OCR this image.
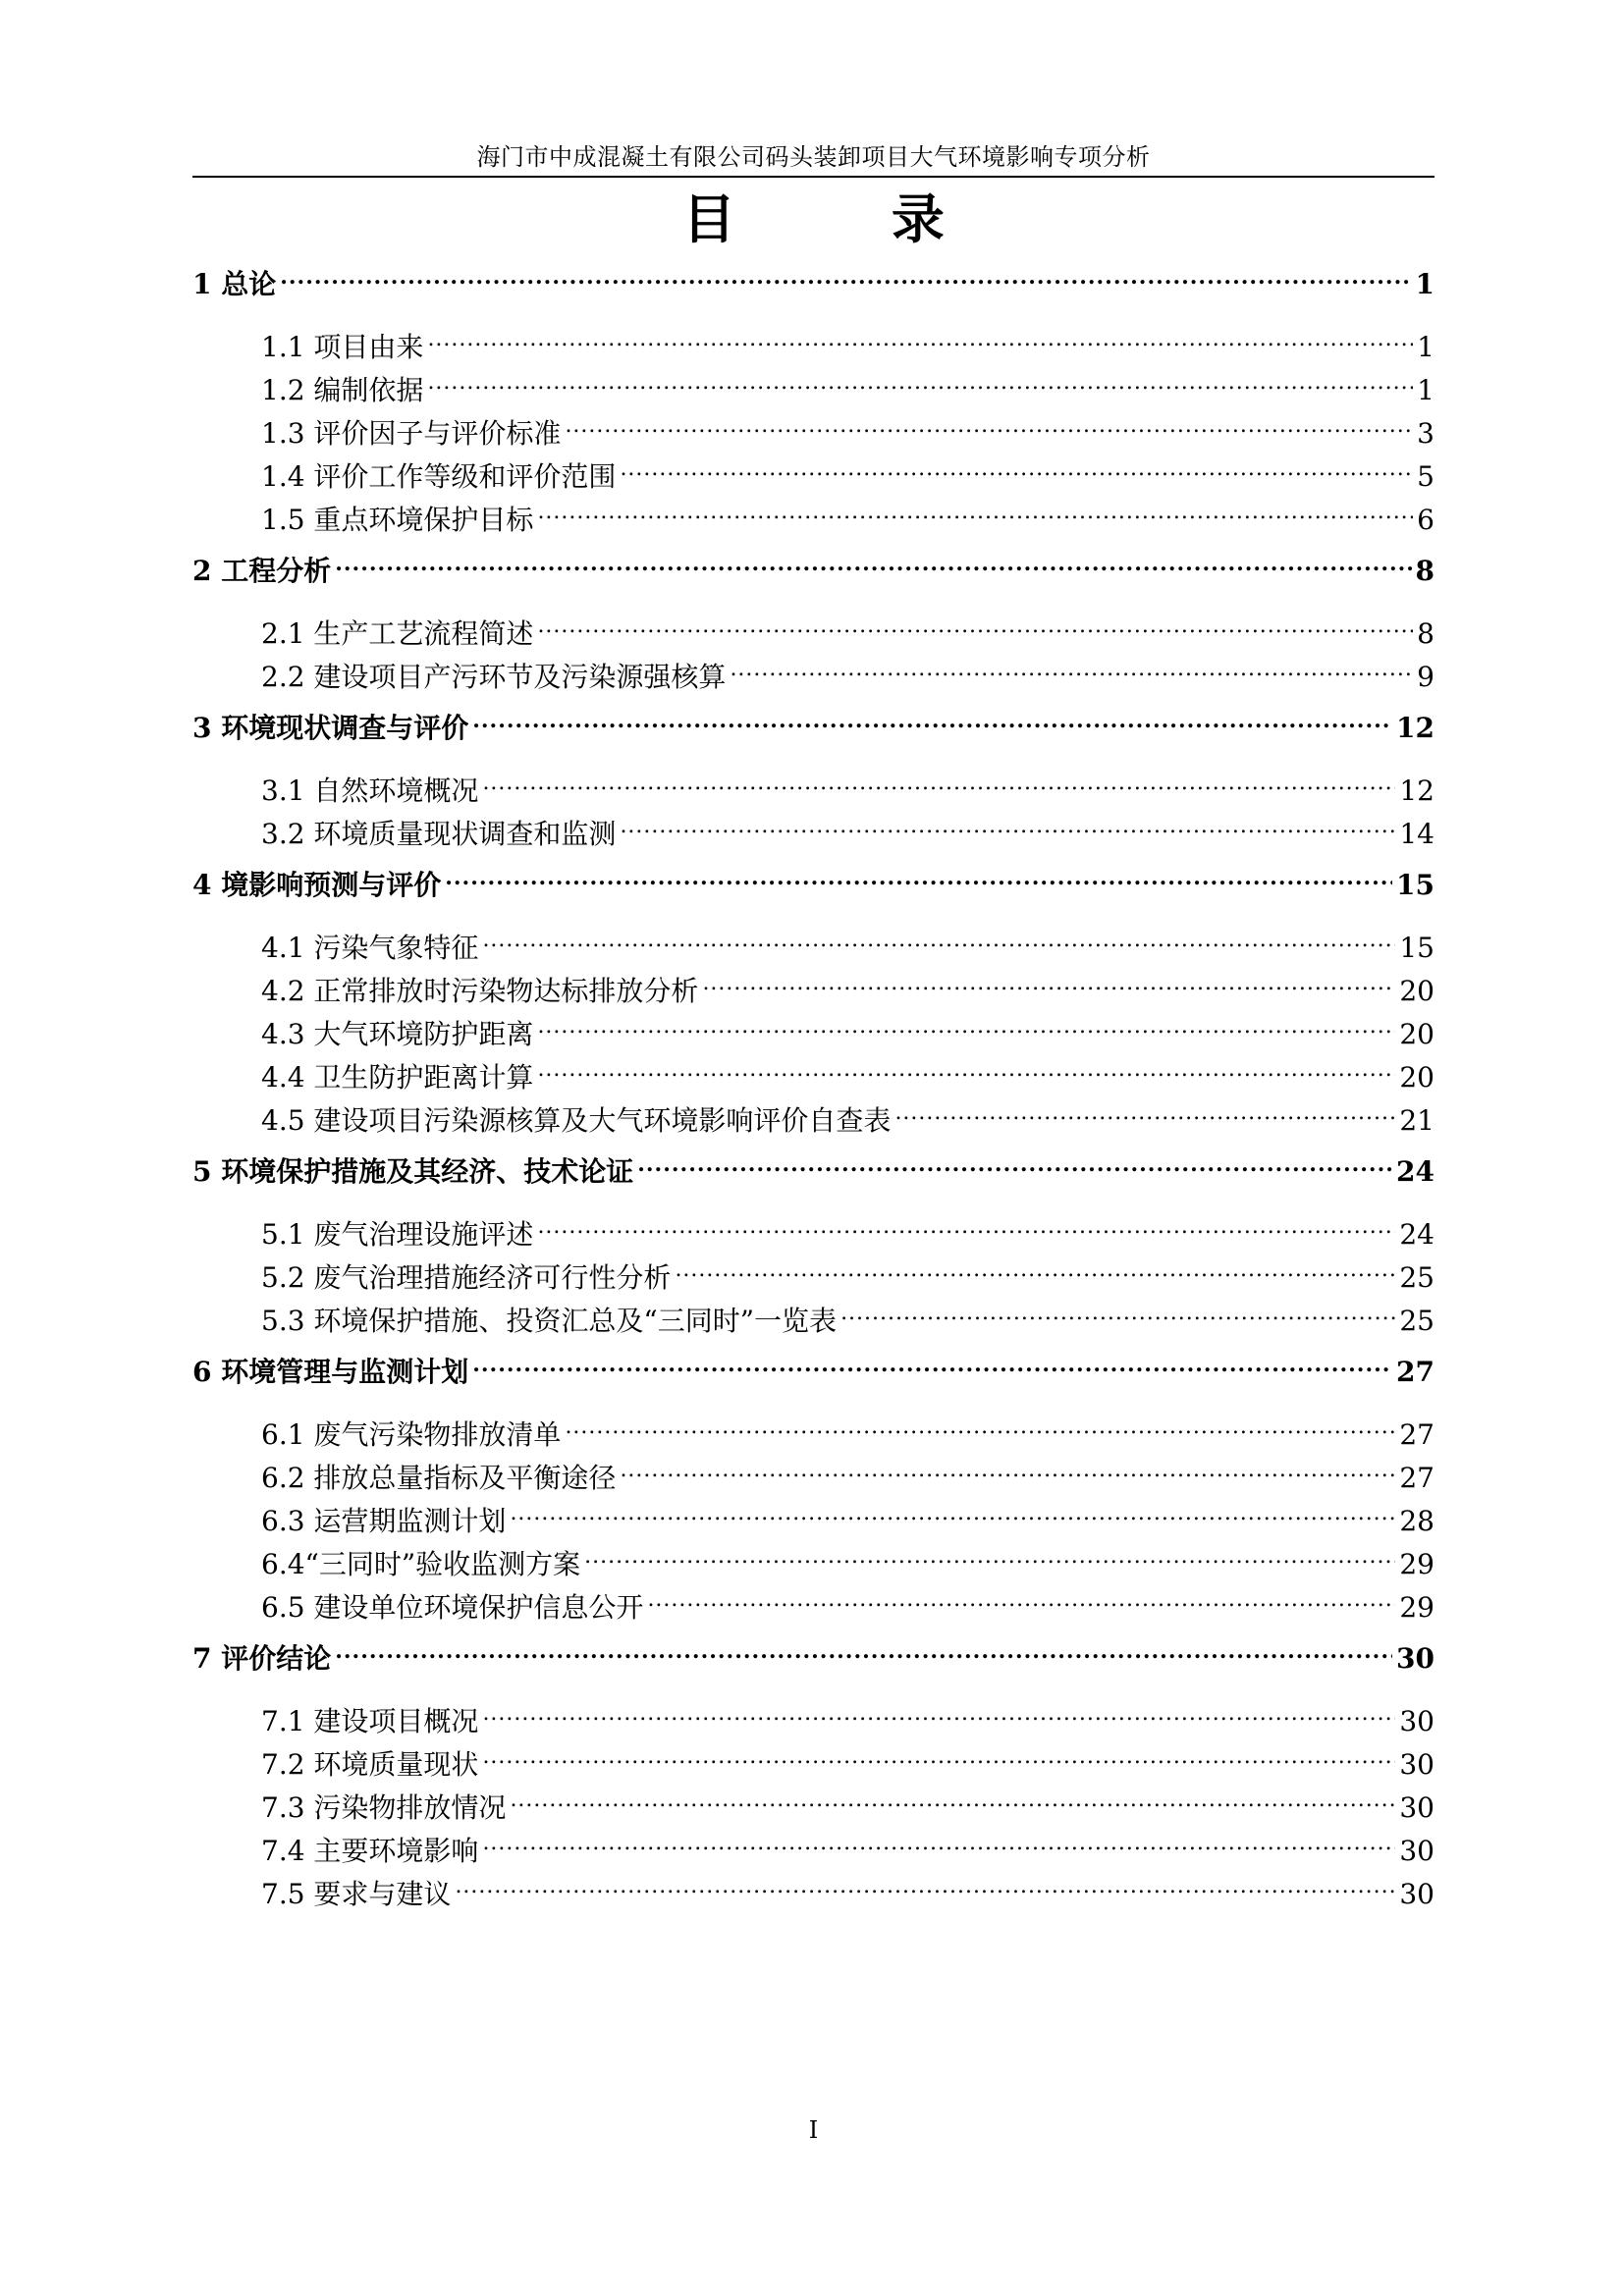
海门市中成混凝土有限公司码头装卸项目大气环境影响专项分析
目 录
1 总论 .....	1
1.1 项目由来 .....	1
1.2 编制依据 .....	1
1.3 评价因子与评价标准 .....	3
1.4 评价工作等级和评价范围 .....	5
1.5 重点环境保护目标 .....	6
2 工程分析 .....	8
2.1 生产工艺流程简述 .....	8
2.2 建设项目产污环节及污染源强核算 .....	9
3 环境现状调查与评价 .....	12
3.1 自然环境概况 .....	12
3.2 环境质量现状调查和监测 .....	14
4 境影响预测与评价 .....	15
4.1 污染气象特征 .....	15
4.2 正常排放时污染物达标排放分析 .....	20
4.3 大气环境防护距离 .....	20
4.4 卫生防护距离计算 .....	20
4.5 建设项目污染源核算及大气环境影响评价自查表 .....	21
5 环境保护措施及其经济、技术论证 .....	24
5.1 废气治理设施评述 .....	24
5.2 废气治理措施经济可行性分析 .....	25
5.3 环境保护措施、投资汇总及“三同时”一览表 .....	25
6 环境管理与监测计划 .....	27
6.1 废气污染物排放清单 .....	27
6.2 排放总量指标及平衡途径 .....	27
6.3 运营期监测计划 .....	28
6.4“三同时”验收监测方案 .....	29
6.5 建设单位环境保护信息公开 .....	29
7 评价结论 .....	30
7.1 建设项目概况 .....	30
7.2 环境质量现状 .....	30
7.3 污染物排放情况 .....	30
7.4 主要环境影响 .....	30
7.5 要求与建议 .....	30
I
